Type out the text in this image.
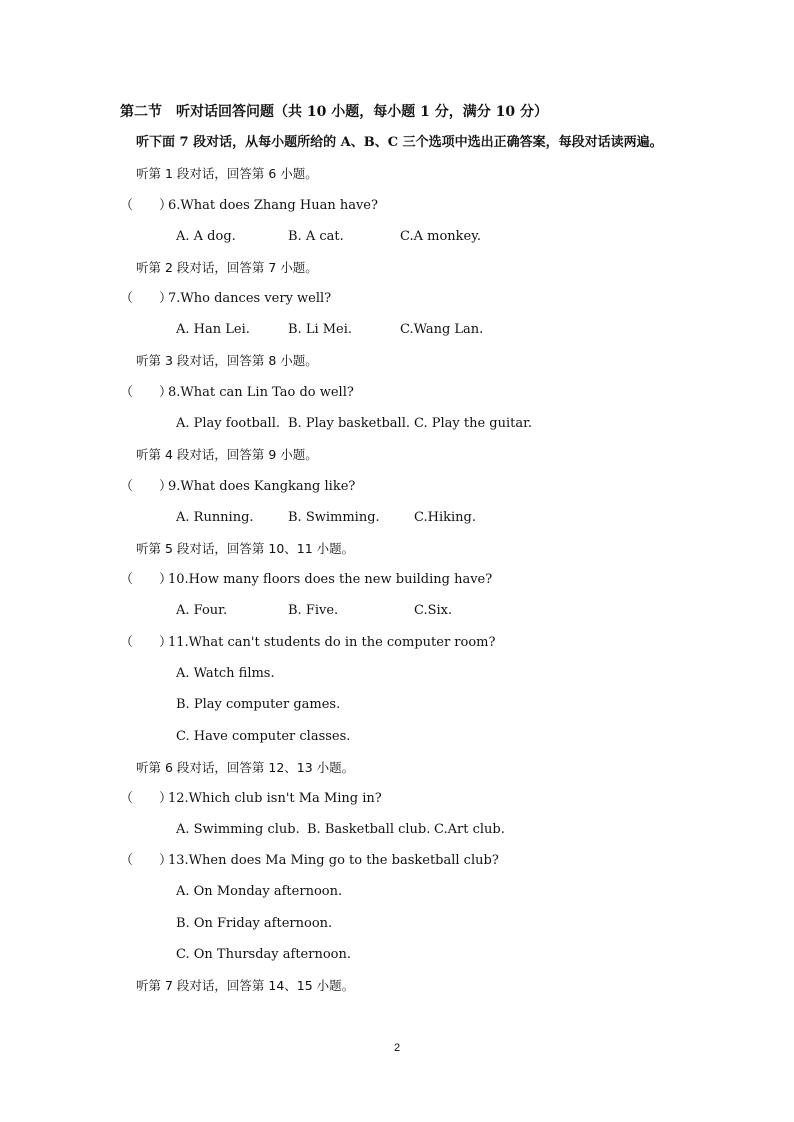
第二节　听对话回答问题（共 10 小题，每小题 1 分，满分 10 分）
听下面 7 段对话，从每小题所给的 A、B、C 三个选项中选出正确答案，每段对话读两遍。
听第 1 段对话，回答第 6 小题。
（　　）
6.What does Zhang Huan have?
A. A dog.	B. A cat.	C.A monkey.
听第 2 段对话，回答第 7 小题。
（　　）
7.Who dances very well?
A. Han Lei.	B. Li Mei.	C.Wang Lan.
听第 3 段对话，回答第 8 小题。
（　　）
8.What can Lin Tao do well?
A. Play football. B. Play basketball. C. Play the guitar.
听第 4 段对话，回答第 9 小题。
（　　）
9.What does Kangkang like?
A. Running.	B. Swimming.	C.Hiking.
听第 5 段对话，回答第 10、11 小题。
（　　）
10.How many floors does the new building have?
A. Four.	B. Five.	C.Six.
（　　）
11.What can't students do in the computer room?
A. Watch films.
B. Play computer games.
C. Have computer classes.
听第 6 段对话，回答第 12、13 小题。
（　　）
12.Which club isn't Ma Ming in?
A. Swimming club. B. Basketball club. C.Art club.
（　　）
13.When does Ma Ming go to the basketball club?
A. On Monday afternoon.
B. On Friday afternoon.
C. On Thursday afternoon.
听第 7 段对话，回答第 14、15 小题。
2
